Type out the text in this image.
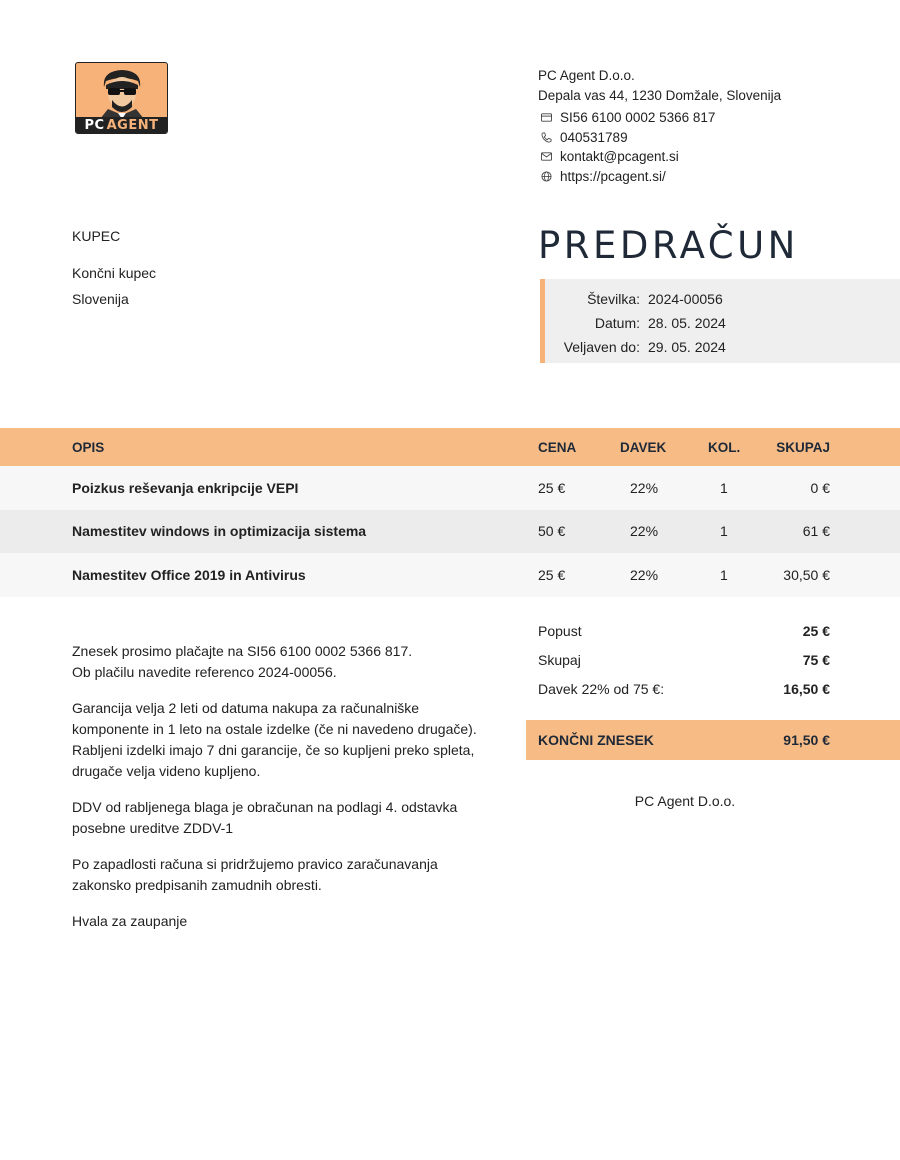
PC AGENT
PC Agent D.o.o.
Depala vas 44, 1230 Domžale, Slovenija
SI56 6100 0002 5366 817
040531789
kontakt@pcagent.si
https://pcagent.si/
KUPEC
Končni kupec
Slovenija
PREDRAČUN
Številka: 2024-00056
Datum: 28. 05. 2024
Veljaven do: 29. 05. 2024
OPIS	CENA	DAVEK	KOL.	SKUPAJ
Poizkus reševanja enkripcije VEPI	25 €	22%	1	0 €
Namestitev windows in optimizacija sistema	50 €	22%	1	61 €
Namestitev Office 2019 in Antivirus	25 €	22%	1	30,50 €
Popust	25 €
Skupaj	75 €
Davek 22% od 75 €:	16,50 €
KONČNI ZNESEK	91,50 €
PC Agent D.o.o.

Znesek prosimo plačajte na SI56 6100 0002 5366 817.
Ob plačilu navedite referenco 2024-00056.

Garancija velja 2 leti od datuma nakupa za računalniške komponente in 1 leto na ostale izdelke (če ni navedeno drugače). Rabljeni izdelki imajo 7 dni garancije, če so kupljeni preko spleta, drugače velja videno kupljeno.

DDV od rabljenega blaga je obračunan na podlagi 4. odstavka posebne ureditve ZDDV-1

Po zapadlosti računa si pridržujemo pravico zaračunavanja zakonsko predpisanih zamudnih obresti.

Hvala za zaupanje
